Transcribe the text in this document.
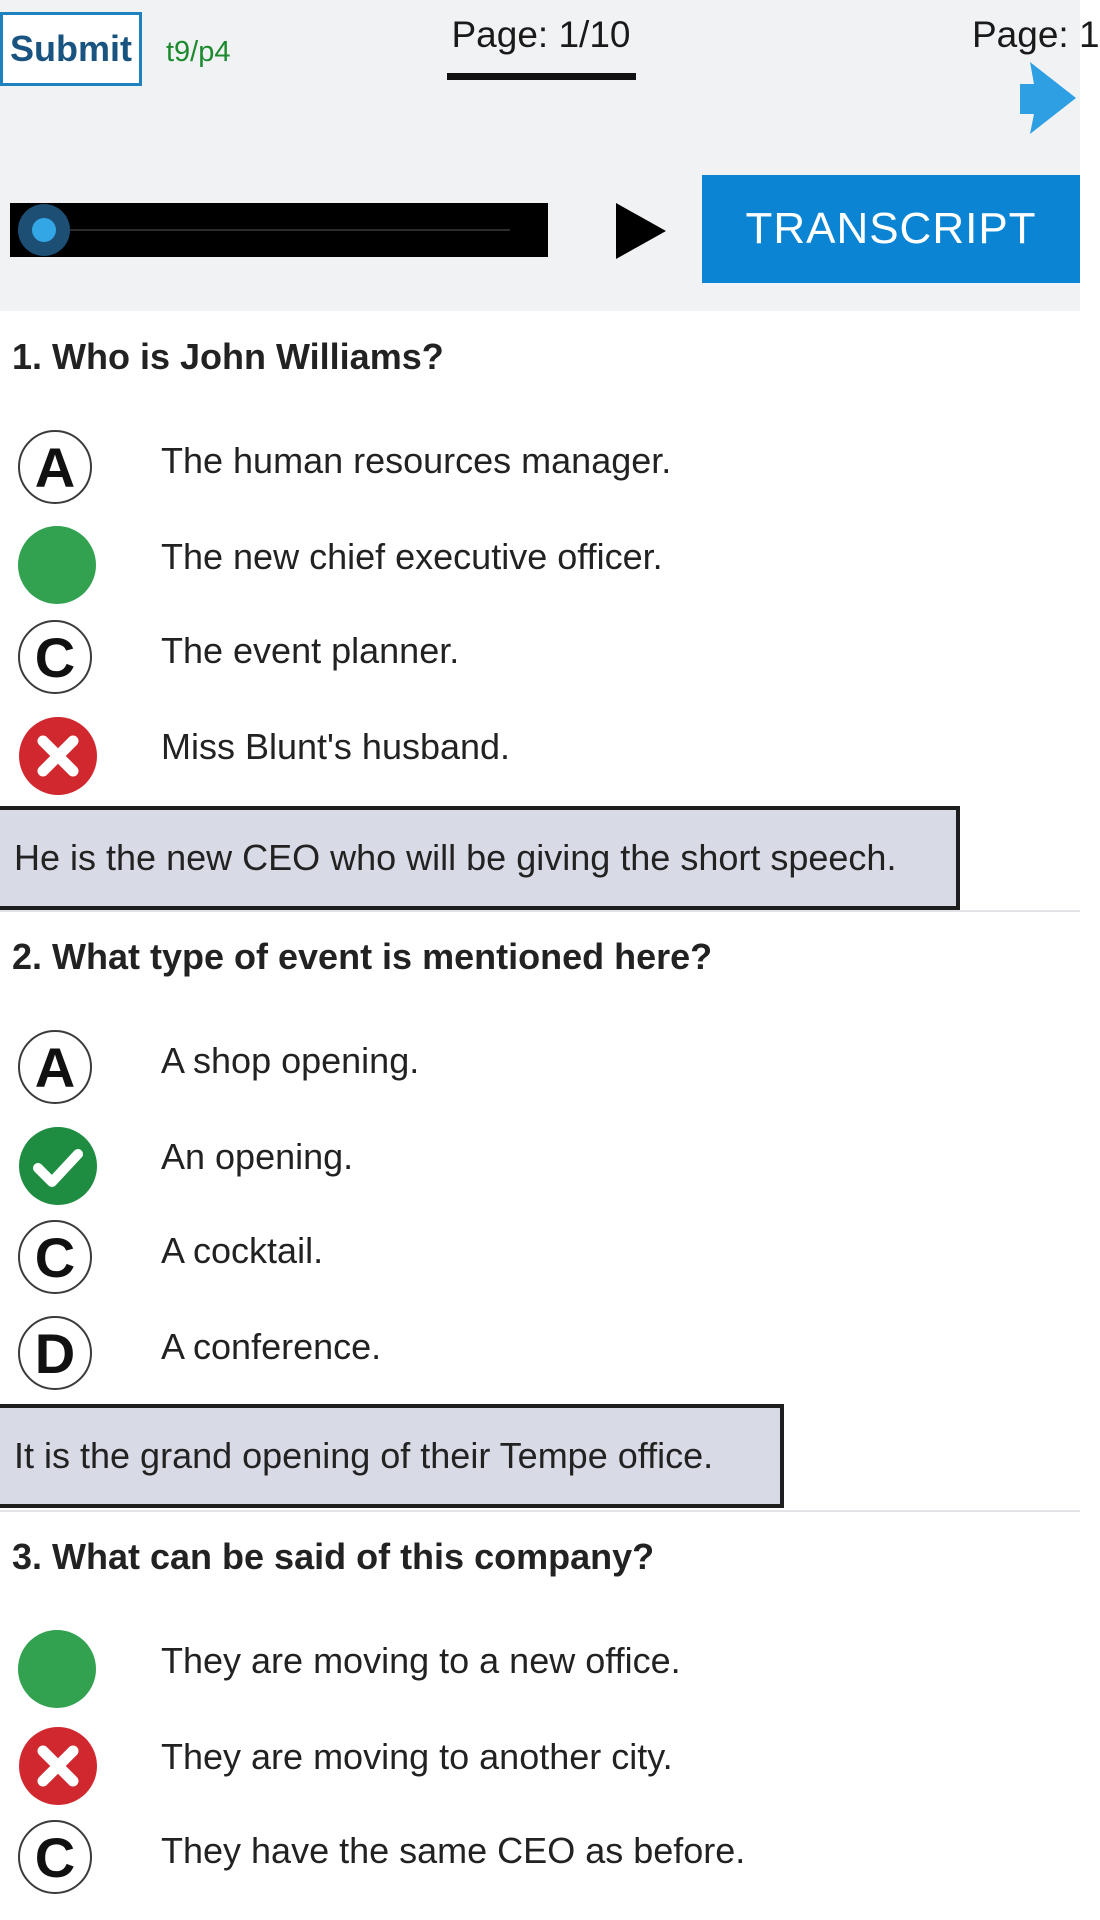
Submit	t9/p4	Page: 1/10	Page: 1
TRANSCRIPT
1. Who is John Williams?
A	The human resources manager.
The new chief executive officer.
C	The event planner.
Miss Blunt's husband.
He is the new CEO who will be giving the short speech.
2. What type of event is mentioned here?
A	A shop opening.
An opening.
C	A cocktail.
D	A conference.
It is the grand opening of their Tempe office.
3. What can be said of this company?
They are moving to a new office.
They are moving to another city.
C	They have the same CEO as before.
